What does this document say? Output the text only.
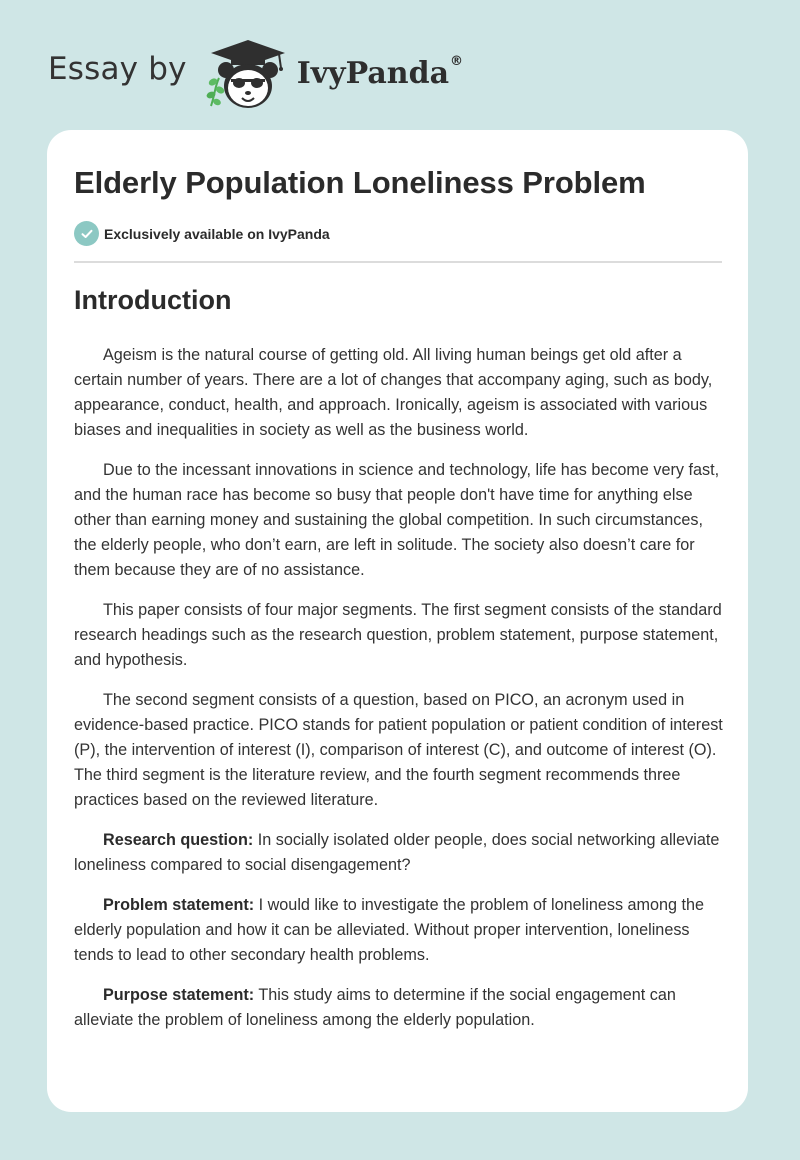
Essay by	IvyPanda®
Elderly Population Loneliness Problem
Exclusively available on IvyPanda
Introduction

Ageism is the natural course of getting old. All living human beings get old after a certain number of years. There are a lot of changes that accompany aging, such as body, appearance, conduct, health, and approach. Ironically, ageism is associated with various biases and inequalities in society as well as the business world.

Due to the incessant innovations in science and technology, life has become very fast, and the human race has become so busy that people don't have time for anything else other than earning money and sustaining the global competition. In such circumstances, the elderly people, who don’t earn, are left in solitude. The society also doesn’t care for them because they are of no assistance.

This paper consists of four major segments. The first segment consists of the standard research headings such as the research question, problem statement, purpose statement, and hypothesis.

The second segment consists of a question, based on PICO, an acronym used in evidence-based practice. PICO stands for patient population or patient condition of interest (P), the intervention of interest (I), comparison of interest (C), and outcome of interest (O). The third segment is the literature review, and the fourth segment recommends three practices based on the reviewed literature.

Research question: In socially isolated older people, does social networking alleviate loneliness compared to social disengagement?

Problem statement: I would like to investigate the problem of loneliness among the elderly population and how it can be alleviated. Without proper intervention, loneliness tends to lead to other secondary health problems.

Purpose statement: This study aims to determine if the social engagement can alleviate the problem of loneliness among the elderly population.
